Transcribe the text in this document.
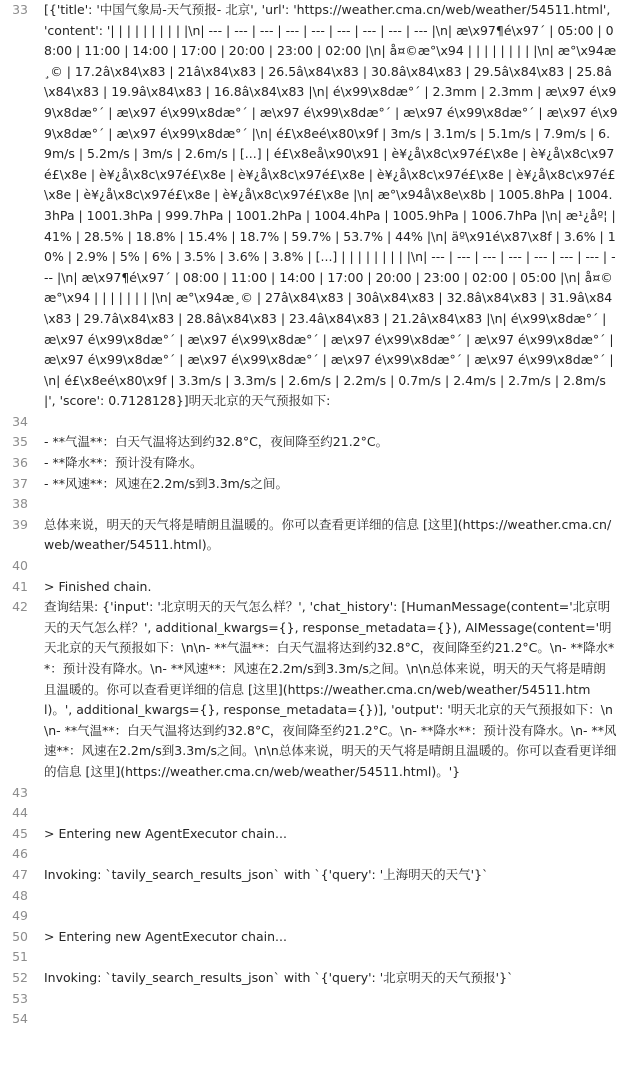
33	[{'title': '中国气象局-天气预报- 北京', 'url': 'https://weather.cma.cn/web/weather/54511.html', 'content': '| | | | | | | | | |\n| --- | --- | --- | --- | --- | --- | --- | --- | --- |\n| æ\x97¶é\x97´ | 05:00 | 08:00 | 11:00 | 14:00 | 17:00 | 20:00 | 23:00 | 02:00 |\n| å¤©æ°\x94 | | | | | | | | |\n| æ°\x94æ¸© | 17.2â\x84\x83 | 21â\x84\x83 | 26.5â\x84\x83 | 30.8â\x84\x83 | 29.5â\x84\x83 | 25.8â\x84\x83 | 19.9â\x84\x83 | 16.8â\x84\x83 |\n| é\x99\x8dæ°´ | 2.3mm | 2.3mm | æ\x97 é\x99\x8dæ°´ | æ\x97 é\x99\x8dæ°´ | æ\x97 é\x99\x8dæ°´ | æ\x97 é\x99\x8dæ°´ | æ\x97 é\x99\x8dæ°´ | æ\x97 é\x99\x8dæ°´ |\n| é£\x8eé\x80\x9f | 3m/s | 3.1m/s | 5.1m/s | 7.9m/s | 6.9m/s | 5.2m/s | 3m/s | 2.6m/s | [...] | é£\x8eå\x90\x91 | è¥¿å\x8c\x97é£\x8e | è¥¿å\x8c\x97é£\x8e | è¥¿å\x8c\x97é£\x8e | è¥¿å\x8c\x97é£\x8e | è¥¿å\x8c\x97é£\x8e | è¥¿å\x8c\x97é£\x8e | è¥¿å\x8c\x97é£\x8e | è¥¿å\x8c\x97é£\x8e |\n| æ°\x94å\x8e\x8b | 1005.8hPa | 1004.3hPa | 1001.3hPa | 999.7hPa | 1001.2hPa | 1004.4hPa | 1005.9hPa | 1006.7hPa |\n| æ¹¿åº¦ | 41% | 28.5% | 18.8% | 15.4% | 18.7% | 59.7% | 53.7% | 44% |\n| äº\x91é\x87\x8f | 3.6% | 10% | 2.9% | 5% | 6% | 3.5% | 3.6% | 3.8% | [...] | | | | | | | | |\n| --- | --- | --- | --- | --- | --- | --- | --- |\n| æ\x97¶é\x97´ | 08:00 | 11:00 | 14:00 | 17:00 | 20:00 | 23:00 | 02:00 | 05:00 |\n| å¤©æ°\x94 | | | | | | | |\n| æ°\x94æ¸© | 27â\x84\x83 | 30â\x84\x83 | 32.8â\x84\x83 | 31.9â\x84\x83 | 29.7â\x84\x83 | 28.8â\x84\x83 | 23.4â\x84\x83 | 21.2â\x84\x83 |\n| é\x99\x8dæ°´ | æ\x97 é\x99\x8dæ°´ | æ\x97 é\x99\x8dæ°´ | æ\x97 é\x99\x8dæ°´ | æ\x97 é\x99\x8dæ°´ | æ\x97 é\x99\x8dæ°´ | æ\x97 é\x99\x8dæ°´ | æ\x97 é\x99\x8dæ°´ | æ\x97 é\x99\x8dæ°´ |\n| é£\x8eé\x80\x9f | 3.3m/s | 3.3m/s | 2.6m/s | 2.2m/s | 0.7m/s | 2.4m/s | 2.7m/s | 2.8m/s |', 'score': 0.7128128}]明天北京的天气预报如下:
34
35	- **气温**：白天气温将达到约32.8°C，夜间降至约21.2°C。
36	- **降水**：预计没有降水。
37	- **风速**：风速在2.2m/s到3.3m/s之间。
38
39	总体来说，明天的天气将是晴朗且温暖的。你可以查看更详细的信息 [这里](https://weather.cma.cn/web/weather/54511.html)。
40
41	> Finished chain.
42	查询结果: {'input': '北京明天的天气怎么样？', 'chat_history': [HumanMessage(content='北京明天的天气怎么样？', additional_kwargs={}, response_metadata={}), AIMessage(content='明天北京的天气预报如下：\n\n- **气温**：白天气温将达到约32.8°C，夜间降至约21.2°C。\n- **降水**：预计没有降水。\n- **风速**：风速在2.2m/s到3.3m/s之间。\n\n总体来说，明天的天气将是晴朗且温暖的。你可以查看更详细的信息 [这里](https://weather.cma.cn/web/weather/54511.html)。', additional_kwargs={}, response_metadata={})], 'output': '明天北京的天气预报如下：\n\n- **气温**：白天气温将达到约32.8°C，夜间降至约21.2°C。\n- **降水**：预计没有降水。\n- **风速**：风速在2.2m/s到3.3m/s之间。\n\n总体来说，明天的天气将是晴朗且温暖的。你可以查看更详细的信息 [这里](https://weather.cma.cn/web/weather/54511.html)。'}
43
44
45	> Entering new AgentExecutor chain...
46
47	Invoking: `tavily_search_results_json` with `{'query': '上海明天的天气'}`
48
49
50	> Entering new AgentExecutor chain...
51
52	Invoking: `tavily_search_results_json` with `{'query': '北京明天的天气预报'}`
53
54
